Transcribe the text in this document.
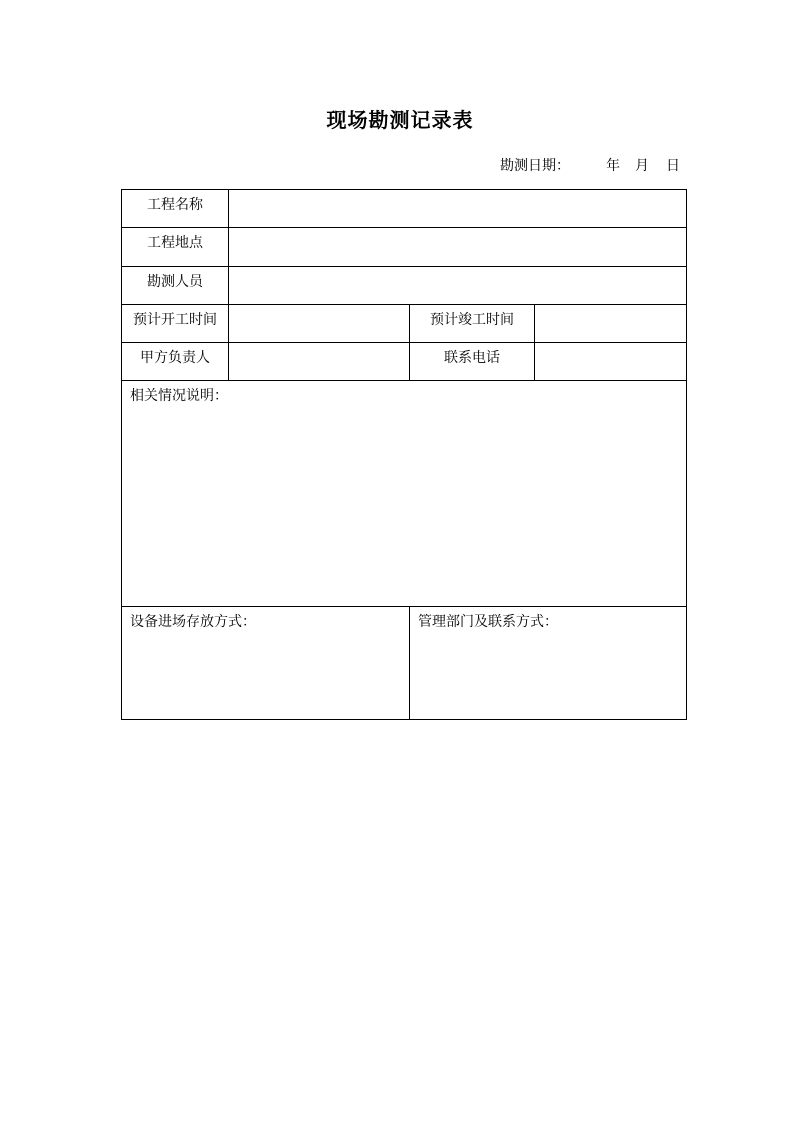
现场勘测记录表
勘测日期：	年 月 日
工程名称
工程地点
勘测人员
预计开工时间	预计竣工时间
甲方负责人	联系电话
相关情况说明：
设备进场存放方式：	管理部门及联系方式：
